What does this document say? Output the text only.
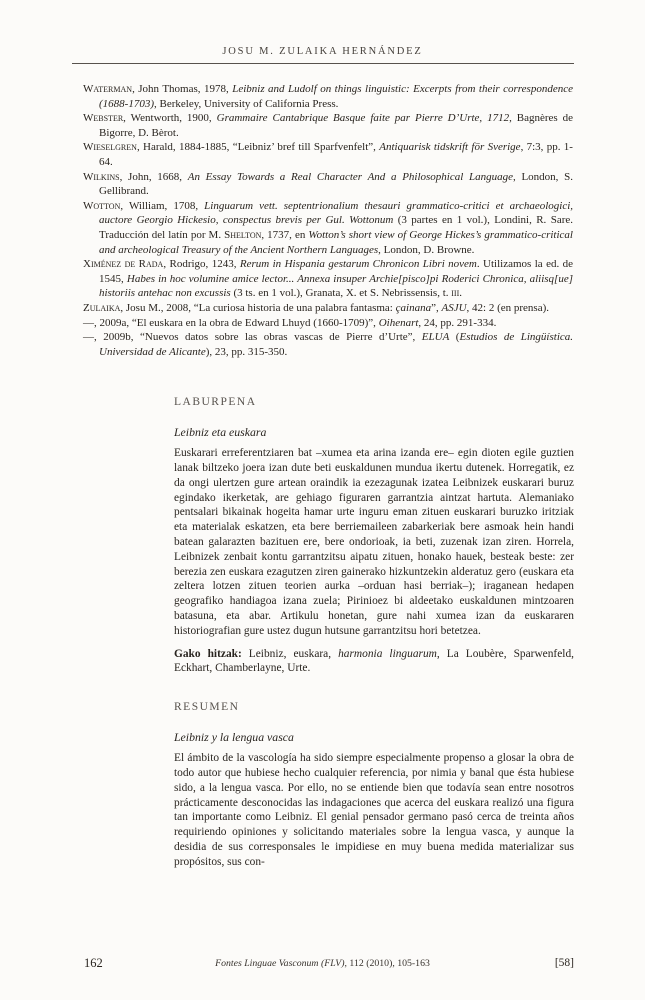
JOSU M. ZULAIKA HERNÁNDEZ

Waterman, John Thomas, 1978, Leibniz and Ludolf on things linguistic: Excerpts from their correspondence (1688-1703), Berkeley, University of California Press.

Webster, Wentworth, 1900, Grammaire Cantabrique Basque faite par Pierre D’Urte, 1712, Bagnères de Bigorre, D. Bèrot.

Wieselgren, Harald, 1884-1885, “Leibniz’ bref till Sparfvenfelt”, Antiquarisk tidskrift för Sverige, 7:3, pp. 1-64.

Wilkins, John, 1668, An Essay Towards a Real Character And a Philosophical Language, London, S. Gellibrand.

Wotton, William, 1708, Linguarum vett. septentrionalium thesauri grammatico-critici et archaeologici, auctore Georgio Hickesio, conspectus brevis per Gul. Wottonum (3 partes en 1 vol.), Londini, R. Sare. Traducción del latín por M. Shelton, 1737, en Wotton’s short view of George Hickes’s grammatico-critical and archeological Treasury of the Ancient Northern Languages, London, D. Browne.

Ximénez de Rada, Rodrigo, 1243, Rerum in Hispania gestarum Chronicon Libri novem. Utilizamos la ed. de 1545, Habes in hoc volumine amice lector... Annexa insuper Archie[pisco]pi Roderici Chronica, aliisq[ue] historiis antehac non excussis (3 ts. en 1 vol.), Granata, X. et S. Nebrissensis, t. iii.

Zulaika, Josu M., 2008, “La curiosa historia de una palabra fantasma: çainana”, ASJU, 42: 2 (en prensa).

—, 2009a, “El euskara en la obra de Edward Lhuyd (1660-1709)”, Oihenart, 24, pp. 291-334.

—, 2009b, “Nuevos datos sobre las obras vascas de Pierre d’Urte”, ELUA (Estudios de Lingüística. Universidad de Alicante), 23, pp. 315-350.

LABURPENA
Leibniz eta euskara

Euskarari erreferentziaren bat –xumea eta arina izanda ere– egin dioten egile guztien lanak biltzeko joera izan dute beti euskaldunen mundua ikertu dutenek. Horregatik, ez da ongi ulertzen gure artean oraindik ia ezezagunak izatea Leibnizek euskarari buruz egindako ikerketak, are gehiago figuraren garrantzia aintzat hartuta. Alemaniako pentsalari bikainak hogeita hamar urte inguru eman zituen euskarari buruzko iritziak eta materialak eskatzen, eta bere berriemaileen zabarkeriak bere asmoak hein handi batean galarazten bazituen ere, bere ondorioak, ia beti, zuzenak izan ziren. Horrela, Leibnizek zenbait kontu garrantzitsu aipatu zituen, honako hauek, besteak beste: zer berezia zen euskara ezagutzen ziren gainerako hizkuntzekin alderatuz gero (euskara eta zeltera lotzen zituen teorien aurka –orduan hasi berriak–); iraganean hedapen geografiko handiagoa izana zuela; Pirinioez bi aldeetako euskaldunen mintzoaren batasuna, eta abar. Artikulu honetan, gure nahi xumea izan da euskararen historiografian gure ustez dugun hutsune garrantzitsu hori betetzea.

Gako hitzak: Leibniz, euskara, harmonia linguarum, La Loubère, Sparwenfeld, Eckhart, Chamberlayne, Urte.

RESUMEN
Leibniz y la lengua vasca

El ámbito de la vascología ha sido siempre especialmente propenso a glosar la obra de todo autor que hubiese hecho cualquier referencia, por nimia y banal que ésta hubiese sido, a la lengua vasca. Por ello, no se entiende bien que todavía sean entre nosotros prácticamente desconocidas las indagaciones que acerca del euskara realizó una figura tan importante como Leibniz. El genial pensador germano pasó cerca de treinta años requiriendo opiniones y solicitando materiales sobre la lengua vasca, y aunque la desidia de sus corresponsales le impidiese en muy buena medida materializar sus propósitos, sus con-

162	Fontes Linguae Vasconum (FLV), 112 (2010), 105-163	[58]
